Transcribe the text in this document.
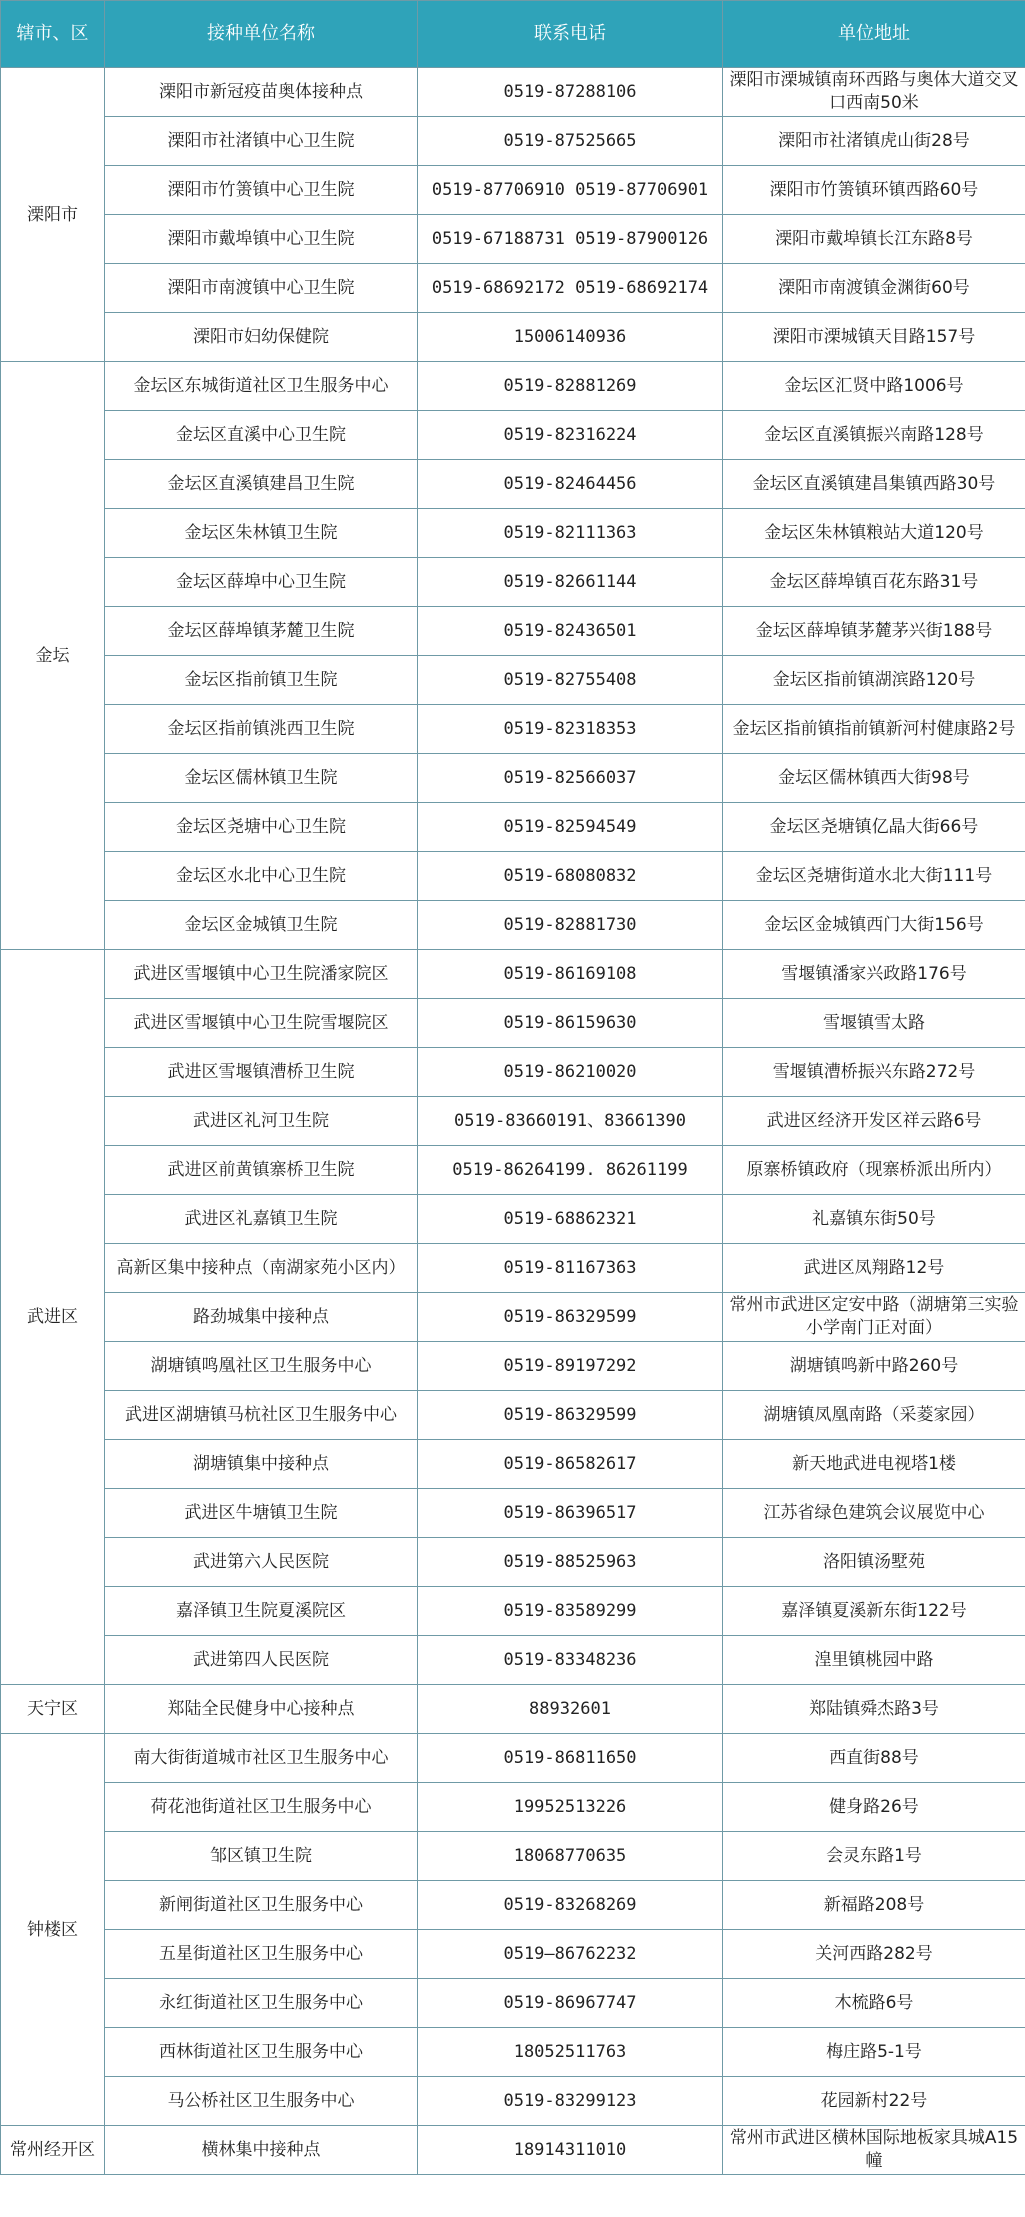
辖市、区	接种单位名称	联系电话	单位地址
溧阳市	溧阳市新冠疫苗奥体接种点	0519-87288106	溧阳市溧城镇南环西路与奥体大道交叉口西南50米
	溧阳市社渚镇中心卫生院	0519-87525665	溧阳市社渚镇虎山街28号
	溧阳市竹箦镇中心卫生院	0519-87706910 0519-87706901	溧阳市竹箦镇环镇西路60号
	溧阳市戴埠镇中心卫生院	0519-67188731 0519-87900126	溧阳市戴埠镇长江东路8号
	溧阳市南渡镇中心卫生院	0519-68692172 0519-68692174	溧阳市南渡镇金渊街60号
	溧阳市妇幼保健院	15006140936	溧阳市溧城镇天目路157号
金坛	金坛区东城街道社区卫生服务中心	0519-82881269	金坛区汇贤中路1006号
	金坛区直溪中心卫生院	0519-82316224	金坛区直溪镇振兴南路128号
	金坛区直溪镇建昌卫生院	0519-82464456	金坛区直溪镇建昌集镇西路30号
	金坛区朱林镇卫生院	0519-82111363	金坛区朱林镇粮站大道120号
	金坛区薛埠中心卫生院	0519-82661144	金坛区薛埠镇百花东路31号
	金坛区薛埠镇茅麓卫生院	0519-82436501	金坛区薛埠镇茅麓茅兴街188号
	金坛区指前镇卫生院	0519-82755408	金坛区指前镇湖滨路120号
	金坛区指前镇洮西卫生院	0519-82318353	金坛区指前镇指前镇新河村健康路2号
	金坛区儒林镇卫生院	0519-82566037	金坛区儒林镇西大街98号
	金坛区尧塘中心卫生院	0519-82594549	金坛区尧塘镇亿晶大街66号
	金坛区水北中心卫生院	0519-68080832	金坛区尧塘街道水北大街111号
	金坛区金城镇卫生院	0519-82881730	金坛区金城镇西门大街156号
武进区	武进区雪堰镇中心卫生院潘家院区	0519-86169108	雪堰镇潘家兴政路176号
	武进区雪堰镇中心卫生院雪堰院区	0519-86159630	雪堰镇雪太路
	武进区雪堰镇漕桥卫生院	0519-86210020	雪堰镇漕桥振兴东路272号
	武进区礼河卫生院	0519-83660191、83661390	武进区经济开发区祥云路6号
	武进区前黄镇寨桥卫生院	0519-86264199. 86261199	原寨桥镇政府（现寨桥派出所内）
	武进区礼嘉镇卫生院	0519-68862321	礼嘉镇东街50号
	高新区集中接种点（南湖家苑小区内）	0519-81167363	武进区凤翔路12号
	路劲城集中接种点	0519-86329599	常州市武进区定安中路（湖塘第三实验小学南门正对面）
	湖塘镇鸣凰社区卫生服务中心	0519-89197292	湖塘镇鸣新中路260号
	武进区湖塘镇马杭社区卫生服务中心	0519-86329599	湖塘镇凤凰南路（采菱家园）
	湖塘镇集中接种点	0519-86582617	新天地武进电视塔1楼
	武进区牛塘镇卫生院	0519-86396517	江苏省绿色建筑会议展览中心
	武进第六人民医院	0519-88525963	洛阳镇汤墅苑
	嘉泽镇卫生院夏溪院区	0519-83589299	嘉泽镇夏溪新东街122号
	武进第四人民医院	0519-83348236	湟里镇桃园中路
天宁区	郑陆全民健身中心接种点	88932601	郑陆镇舜杰路3号
钟楼区	南大街街道城市社区卫生服务中心	0519-86811650	西直街88号
	荷花池街道社区卫生服务中心	19952513226	健身路26号
	邹区镇卫生院	18068770635	会灵东路1号
	新闸街道社区卫生服务中心	0519-83268269	新福路208号
	五星街道社区卫生服务中心	0519—86762232	关河西路282号
	永红街道社区卫生服务中心	0519-86967747	木梳路6号
	西林街道社区卫生服务中心	18052511763	梅庄路5-1号
	马公桥社区卫生服务中心	0519-83299123	花园新村22号
常州经开区	横林集中接种点	18914311010	常州市武进区横林国际地板家具城A15幢
